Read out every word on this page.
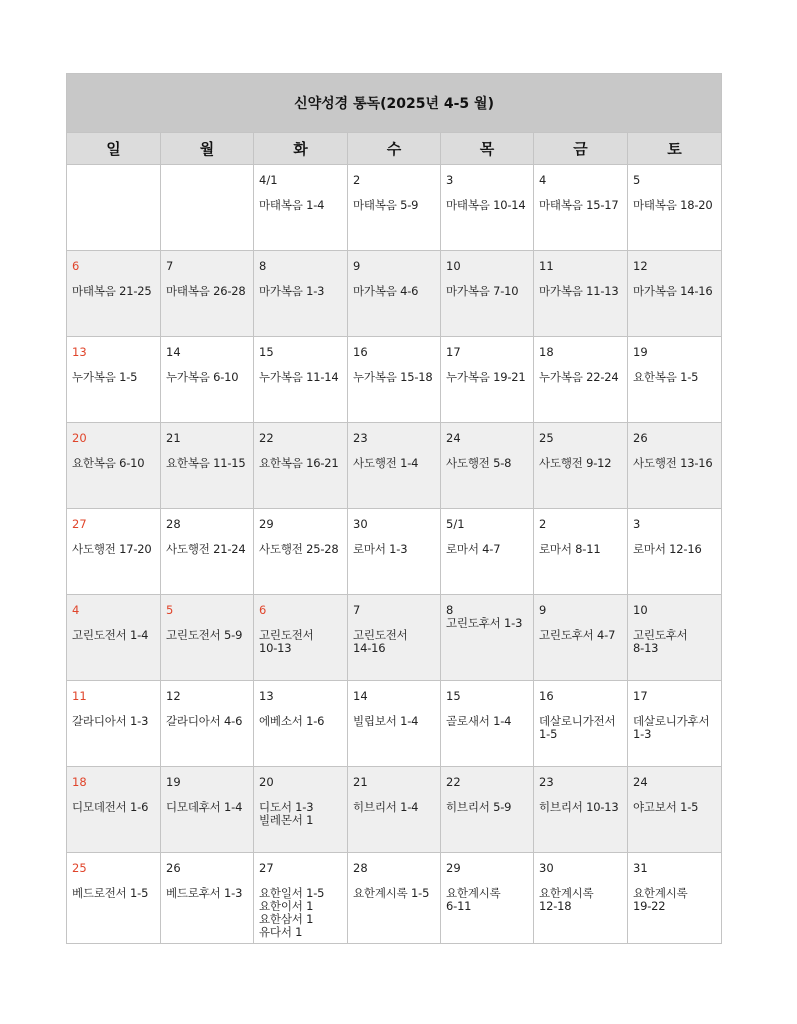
신약성경 통독(2025년 4-5 월)						
일	월	화	수	목	금	토

		4/1
마태복음 1-4	2
마태복음 5-9	3
마태복음 10-14	4
마태복음 15-17	5
마태복음 18-20

6
마태복음 21-25	7
마태복음 26-28	8
마가복음 1-3	9
마가복음 4-6	10
마가복음 7-10	11
마가복음 11-13	12
마가복음 14-16

13
누가복음 1-5	14
누가복음 6-10	15
누가복음 11-14	16
누가복음 15-18	17
누가복음 19-21	18
누가복음 22-24	19
요한복음 1-5

20
요한복음 6-10	21
요한복음 11-15	22
요한복음 16-21	23
사도행전 1-4	24
사도행전 5-8	25
사도행전 9-12	26
사도행전 13-16

27
사도행전 17-20	28
사도행전 21-24	29
사도행전 25-28	30
로마서 1-3	5/1
로마서 4-7	2
로마서 8-11	3
로마서 12-16

4
고린도전서 1-4	5
고린도전서 5-9	6
고린도전서
10-13	7
고린도전서
14-16	8
고린도후서 1-3	9
고린도후서 4-7	10
고린도후서
8-13

11
갈라디아서 1-3	12
갈라디아서 4-6	13
에베소서 1-6	14
빌립보서 1-4	15
골로새서 1-4	16
데살로니가전서
1-5	17
데살로니가후서
1-3

18
디모데전서 1-6	19
디모데후서 1-4	20
디도서 1-3
빌레몬서 1	21
히브리서 1-4	22
히브리서 5-9	23
히브리서 10-13	24
야고보서 1-5

25
베드로전서 1-5	26
베드로후서 1-3	27
요한일서 1-5
요한이서 1
요한삼서 1
유다서 1	28
요한계시록 1-5	29
요한계시록
6-11	30
요한계시록
12-18	31
요한계시록
19-22
